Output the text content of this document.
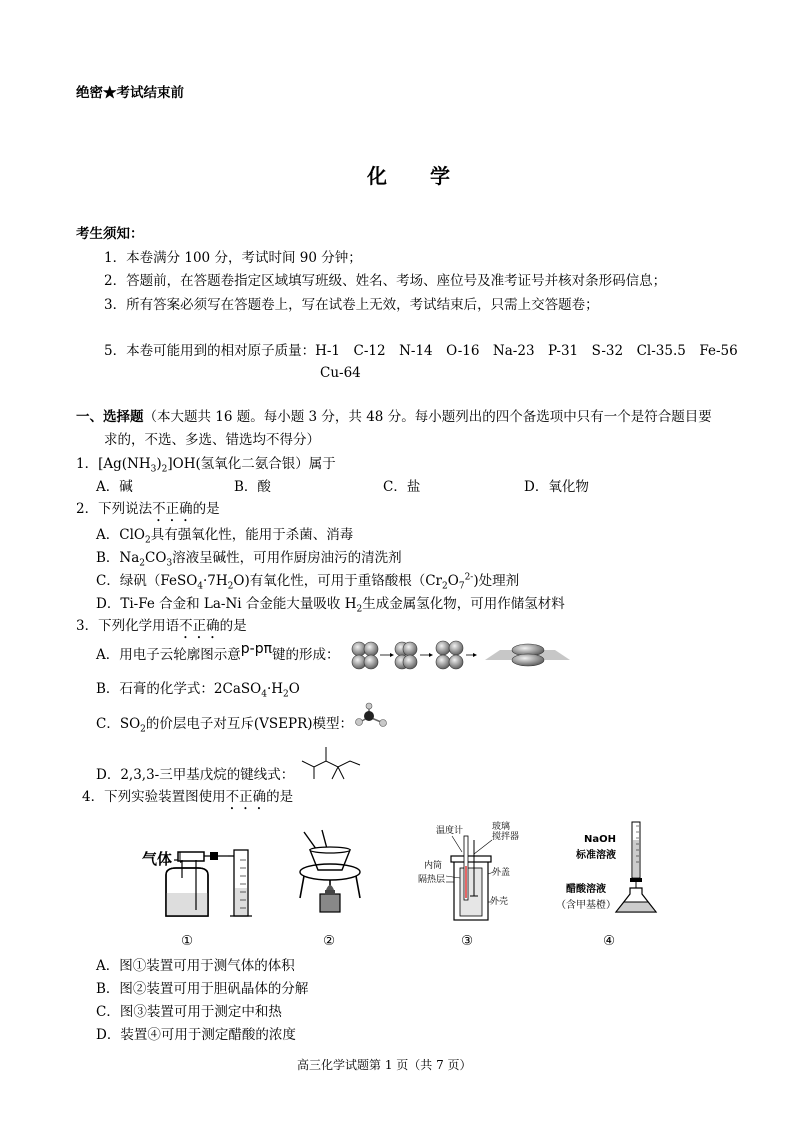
绝密★考试结束前
化 学
考生须知：
1．本卷满分 100 分，考试时间 90 分钟；
2．答题前，在答题卷指定区域填写班级、姓名、考场、座位号及准考证号并核对条形码信息；
3．所有答案必须写在答题卷上，写在试卷上无效，考试结束后，只需上交答题卷；
5．本卷可能用到的相对原子质量：H-1　C-12　N-14　O-16　Na-23　P-31　S-32　Cl-35.5　Fe-56
Cu-64
一、选择题（本大题共 16 题。每小题 3 分，共 48 分。每小题列出的四个备选项中只有一个是符合题目要
求的，不选、多选、错选均不得分）
1．$[Ag(NH_3)_2]OH$(氢氧化二氨合银）属于
A．碱	B．酸	C．盐	D．氧化物
2．下列说法不正确的是
A．ClO$_2$具有强氧化性，能用于杀菌、消毒
B．$Na_2CO_3$溶液呈碱性，可用作厨房油污的清洗剂
C．绿矾$(FeSO_4\cdot 7H_2O)$有氧化性，可用于重铬酸根$(Cr_2O_7^{2-})$处理剂
D．Ti-Fe 合金和 La-Ni 合金能大量吸收 $H_2$生成金属氢化物，可用作储氢材料
3．下列化学用语不正确的是
A．用电子云轮廓图示意p-pπ键的形成：
B．石膏的化学式：$2CaSO_4\cdot H_2O$
C．$SO_2$的价层电子对互斥(VSEPR)模型：
D．2,3,3-三甲基戊烷的键线式：
4．下列实验装置图使用不正确的是
气体
温度计	玻璃
搅拌器
内筒
隔热层
外盖
外壳
NaOH
标准溶液
醋酸溶液
（含甲基橙）
①	②	③	④
A．图①装置可用于测气体的体积
B．图②装置可用于胆矾晶体的分解
C．图③装置可用于测定中和热
D．装置④可用于测定醋酸的浓度
高三化学试题第 1 页（共 7 页）
